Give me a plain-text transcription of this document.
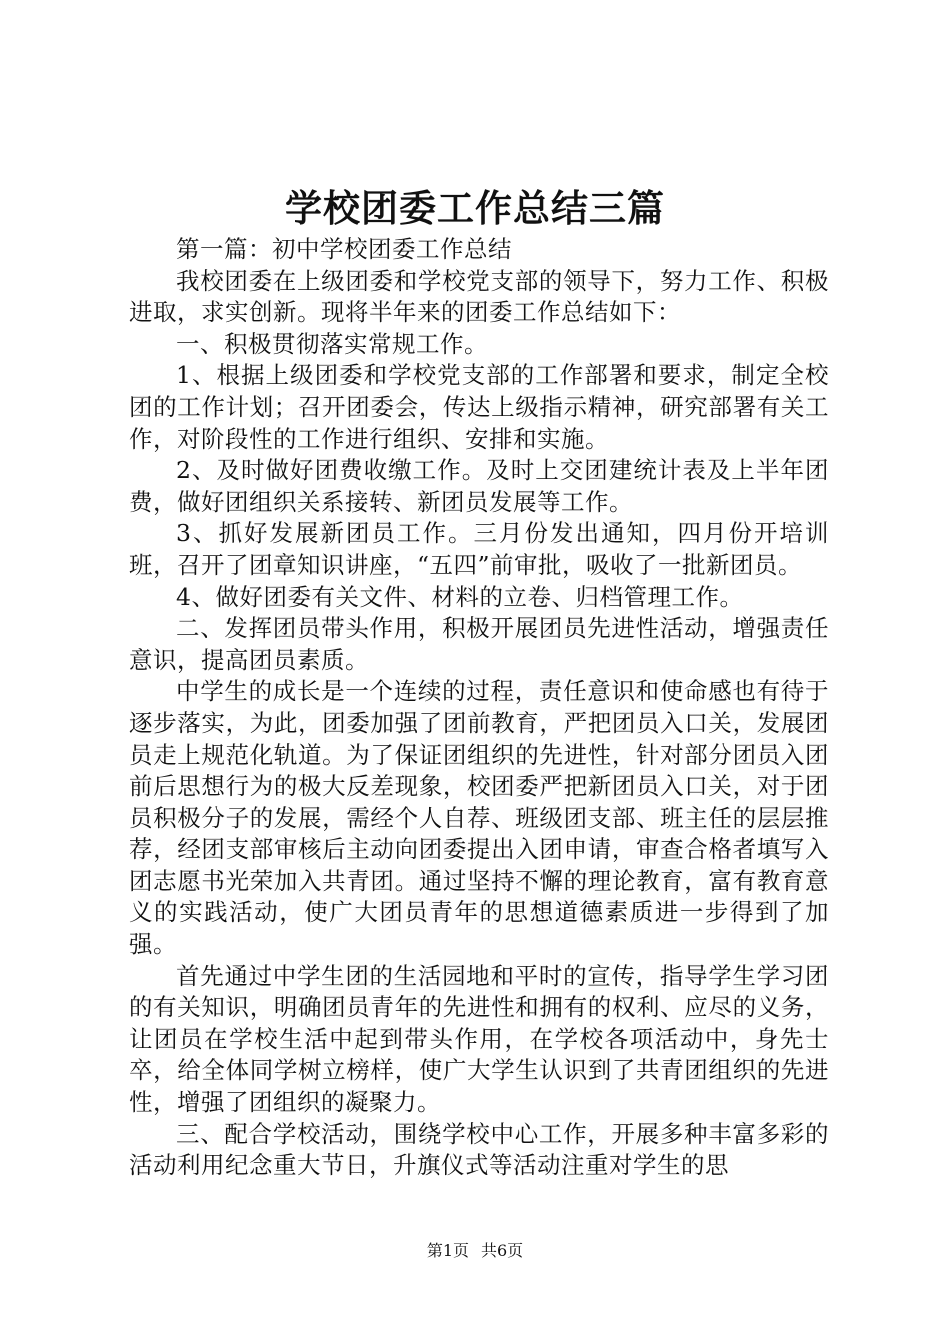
学校团委工作总结三篇

第一篇：初中学校团委工作总结

我校团委在上级团委和学校党支部的领导下，努力工作、积极进取，求实创新。现将半年来的团委工作总结如下：

一、积极贯彻落实常规工作。

1、根据上级团委和学校党支部的工作部署和要求，制定全校团的工作计划；召开团委会，传达上级指示精神，研究部署有关工作，对阶段性的工作进行组织、安排和实施。

2、及时做好团费收缴工作。及时上交团建统计表及上半年团费，做好团组织关系接转、新团员发展等工作。

3、抓好发展新团员工作。三月份发出通知，四月份开培训班，召开了团章知识讲座，“五四”前审批，吸收了一批新团员。

4、做好团委有关文件、材料的立卷、归档管理工作。

二、发挥团员带头作用，积极开展团员先进性活动，增强责任意识，提高团员素质。

中学生的成长是一个连续的过程，责任意识和使命感也有待于逐步落实，为此，团委加强了团前教育，严把团员入口关，发展团员走上规范化轨道。为了保证团组织的先进性，针对部分团员入团前后思想行为的极大反差现象，校团委严把新团员入口关，对于团员积极分子的发展，需经个人自荐、班级团支部、班主任的层层推荐，经团支部审核后主动向团委提出入团申请，审查合格者填写入团志愿书光荣加入共青团。通过坚持不懈的理论教育，富有教育意义的实践活动，使广大团员青年的思想道德素质进一步得到了加强。

首先通过中学生团的生活园地和平时的宣传，指导学生学习团的有关知识，明确团员青年的先进性和拥有的权利、应尽的义务，让团员在学校生活中起到带头作用，在学校各项活动中，身先士卒，给全体同学树立榜样，使广大学生认识到了共青团组织的先进性，增强了团组织的凝聚力。

三、配合学校活动，围绕学校中心工作，开展多种丰富多彩的活动利用纪念重大节日，升旗仪式等活动注重对学生的思

第1页 共6页
